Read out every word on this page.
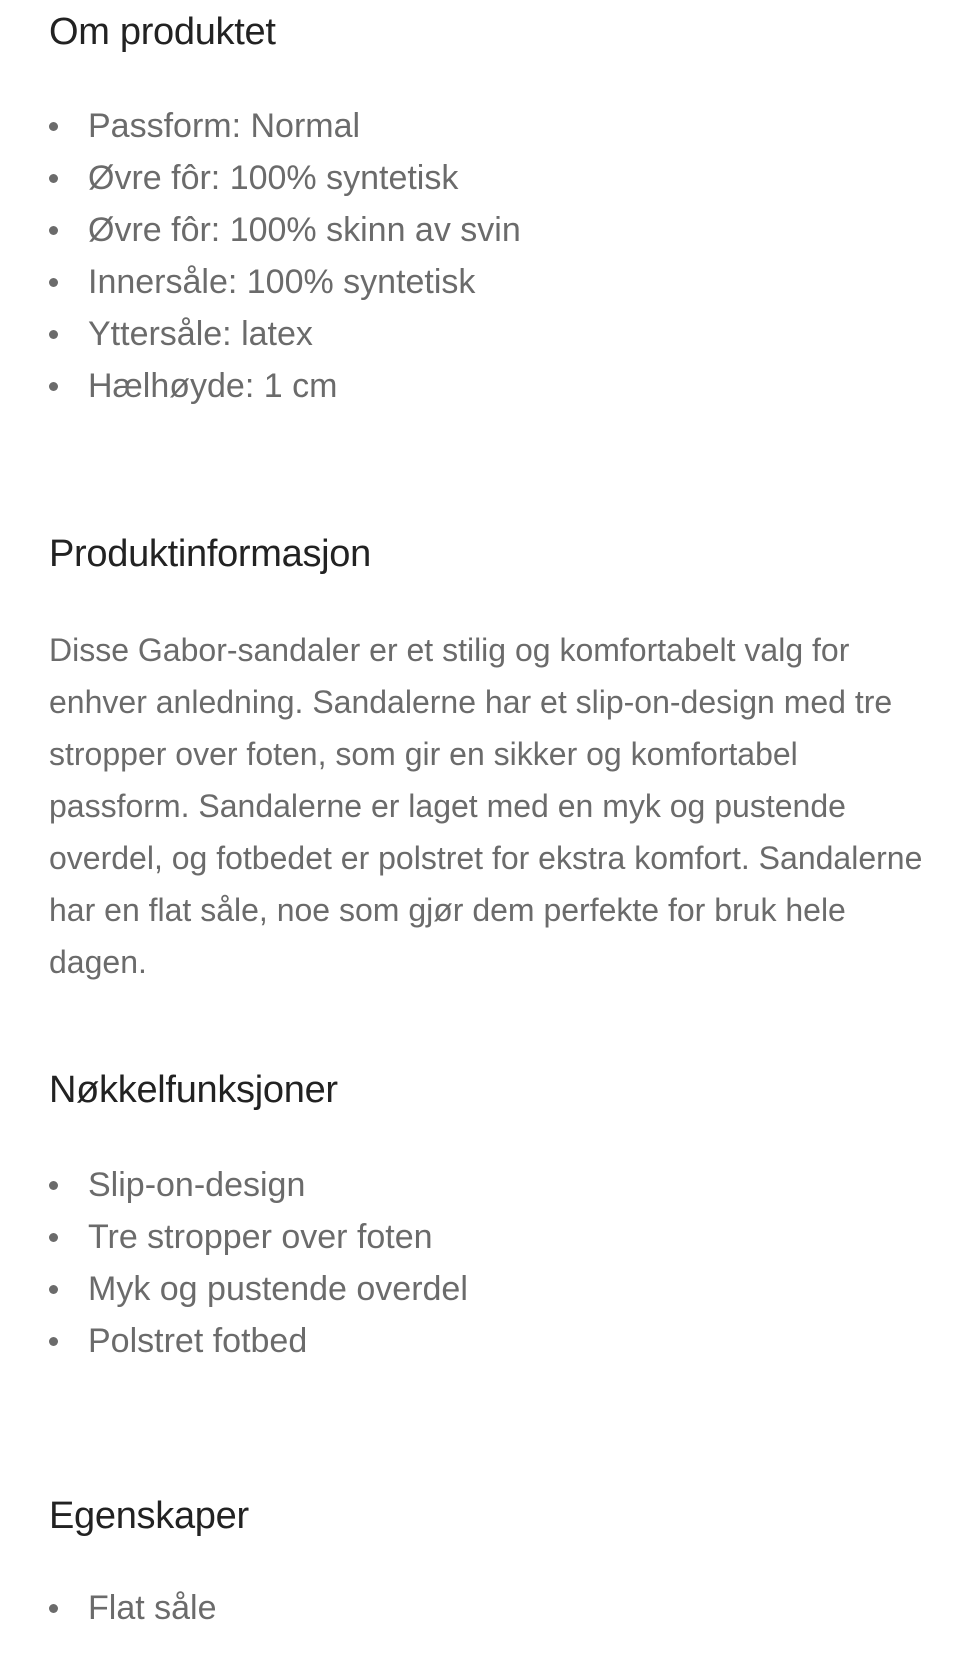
Om produktet
Passform: Normal
Øvre fôr: 100% syntetisk
Øvre fôr: 100% skinn av svin
Innersåle: 100% syntetisk
Yttersåle: latex
Hælhøyde: 1 cm
Produktinformasjon

Disse Gabor-sandaler er et stilig og komfortabelt valg for enhver anledning. Sandalerne har et slip-on-design med tre stropper over foten, som gir en sikker og komfortabel passform. Sandalerne er laget med en myk og pustende overdel, og fotbedet er polstret for ekstra komfort. Sandalerne har en flat såle, noe som gjør dem perfekte for bruk hele dagen.

Nøkkelfunksjoner
Slip-on-design
Tre stropper over foten
Myk og pustende overdel
Polstret fotbed
Egenskaper
Flat såle
